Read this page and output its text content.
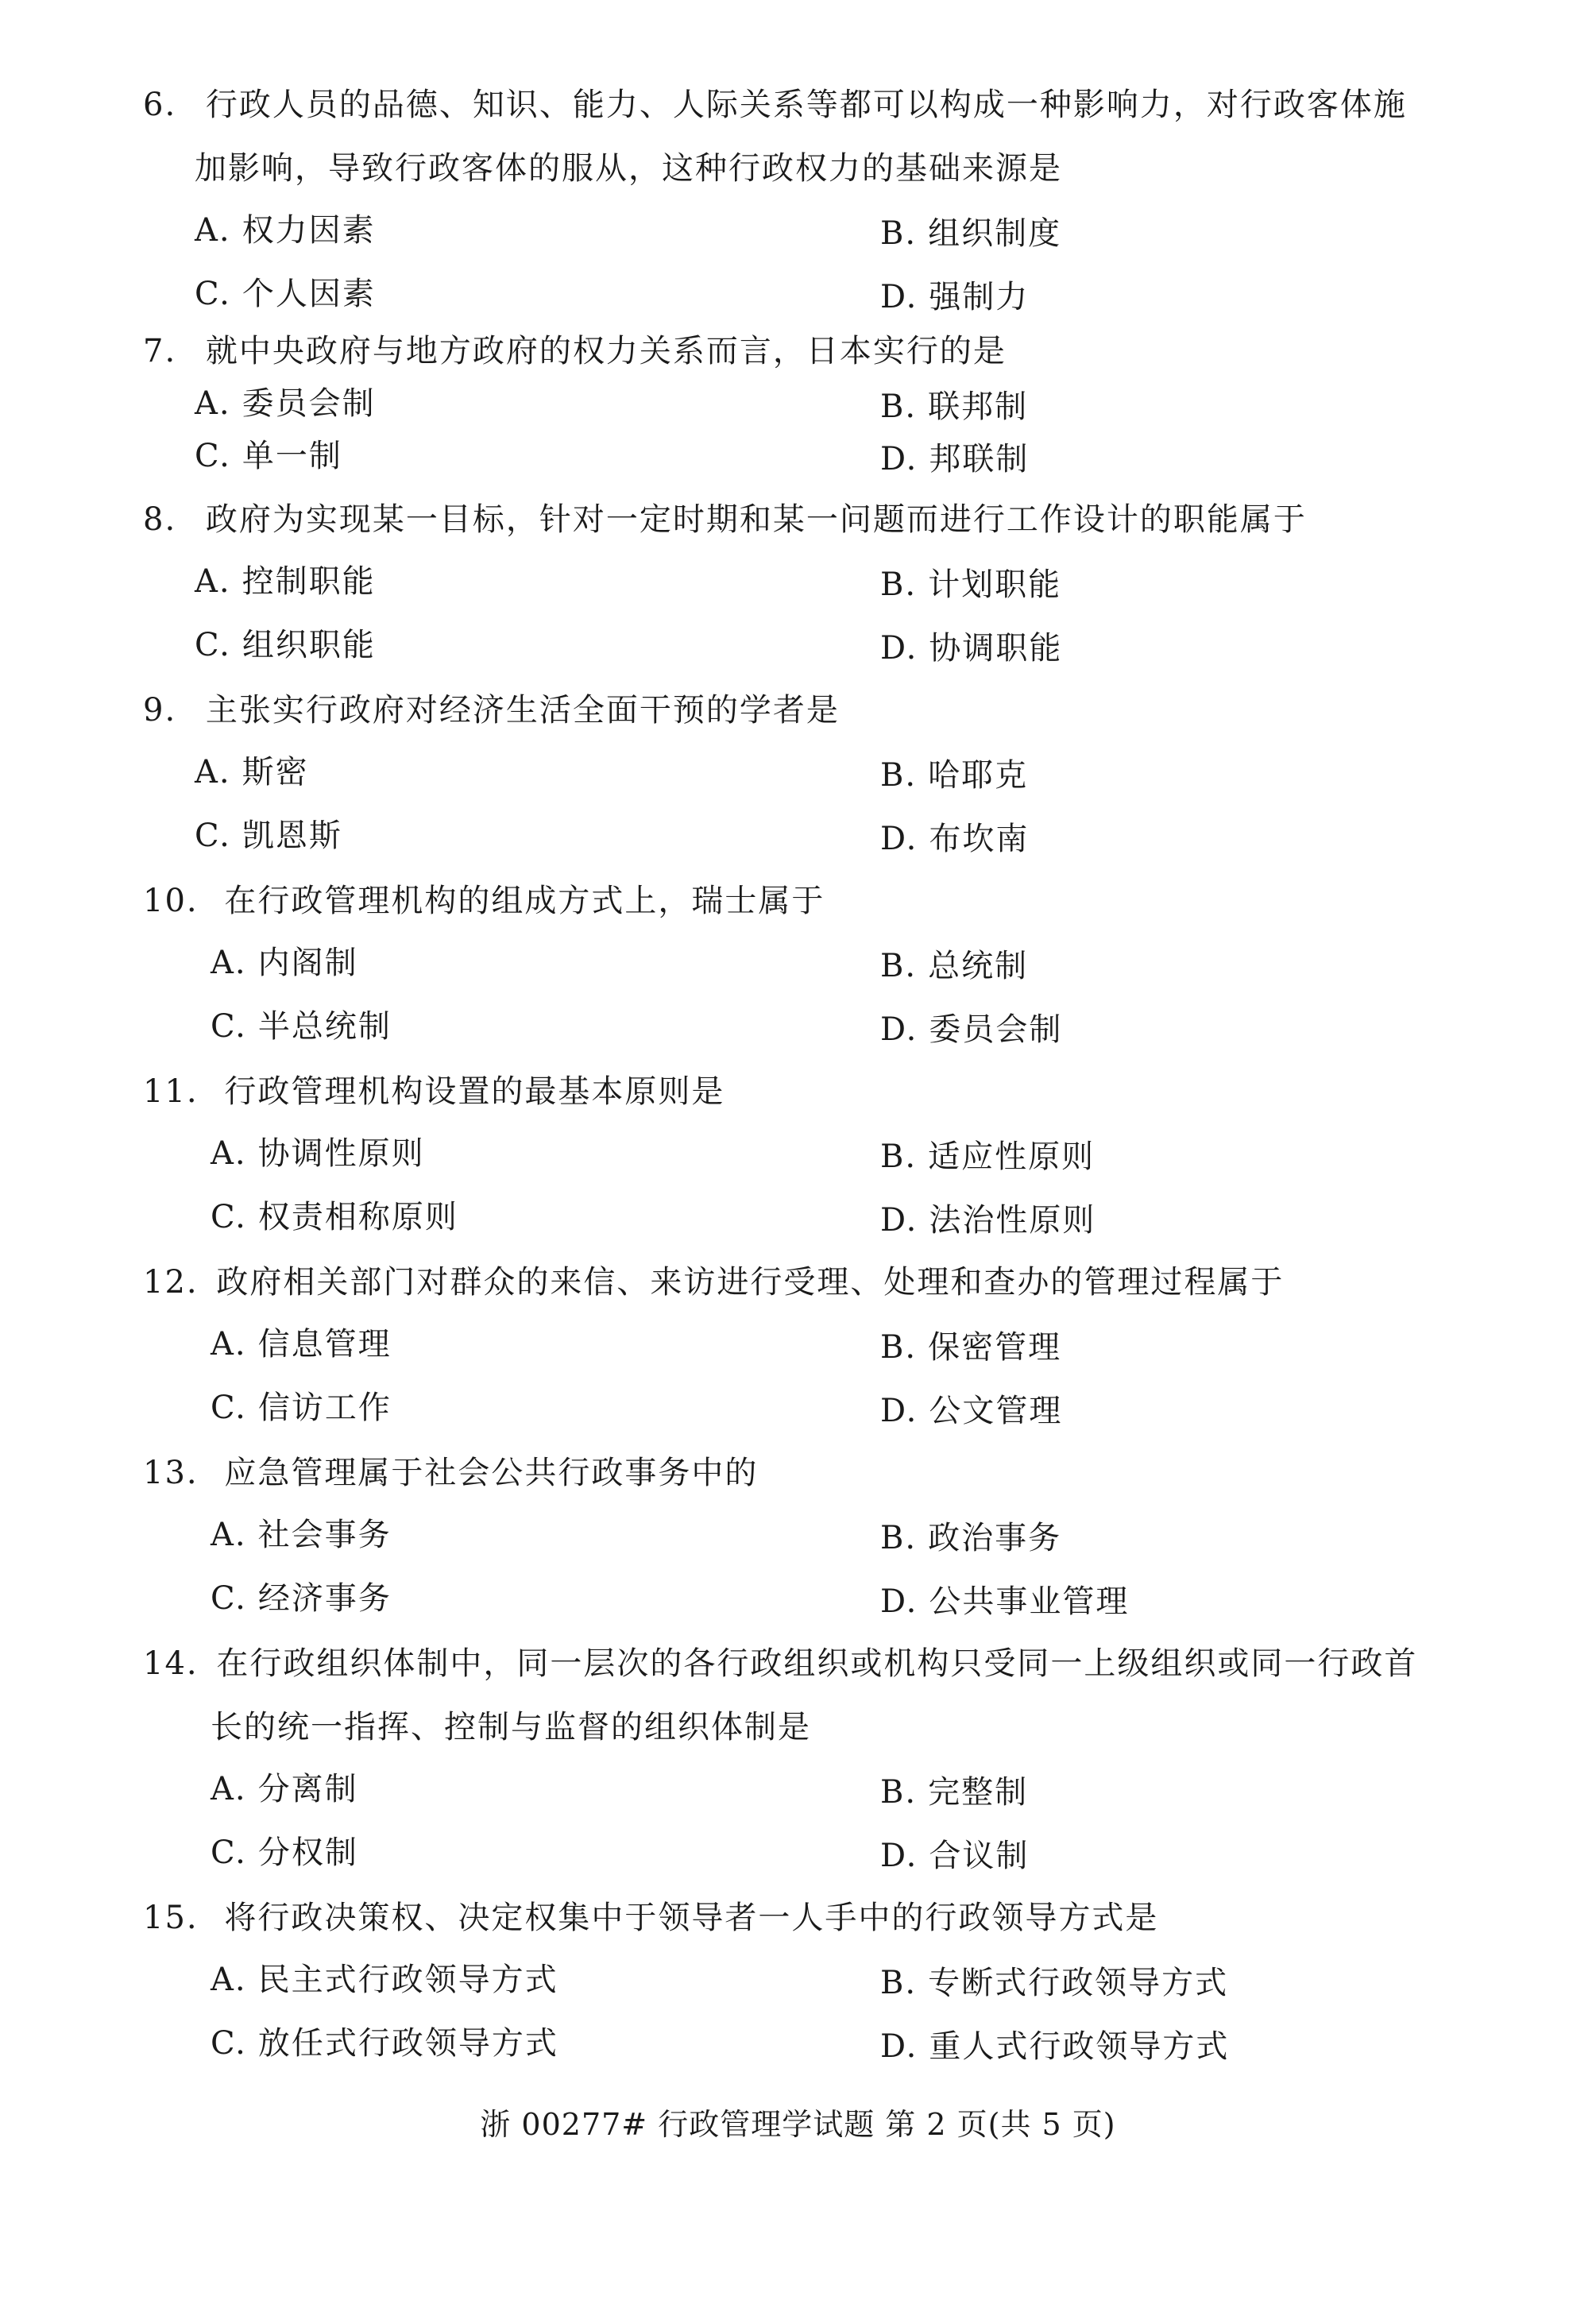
6. 行政人员的品德、知识、能力、人际关系等都可以构成一种影响力，对行政客体施
加影响，导致行政客体的服从，这种行政权力的基础来源是
A. 权力因素	B. 组织制度
C. 个人因素	D. 强制力
7. 就中央政府与地方政府的权力关系而言，日本实行的是
A. 委员会制	B. 联邦制
C. 单一制	D. 邦联制
8. 政府为实现某一目标，针对一定时期和某一问题而进行工作设计的职能属于
A. 控制职能	B. 计划职能
C. 组织职能	D. 协调职能
9. 主张实行政府对经济生活全面干预的学者是
A. 斯密	B. 哈耶克
C. 凯恩斯	D. 布坎南
10. 在行政管理机构的组成方式上，瑞士属于
A. 内阁制	B. 总统制
C. 半总统制	D. 委员会制
11. 行政管理机构设置的最基本原则是
A. 协调性原则	B. 适应性原则
C. 权责相称原则	D. 法治性原则
12. 政府相关部门对群众的来信、来访进行受理、处理和查办的管理过程属于
A. 信息管理	B. 保密管理
C. 信访工作	D. 公文管理
13. 应急管理属于社会公共行政事务中的
A. 社会事务	B. 政治事务
C. 经济事务	D. 公共事业管理
14. 在行政组织体制中，同一层次的各行政组织或机构只受同一上级组织或同一行政首
长的统一指挥、控制与监督的组织体制是
A. 分离制	B. 完整制
C. 分权制	D. 合议制
15. 将行政决策权、决定权集中于领导者一人手中的行政领导方式是
A. 民主式行政领导方式	B. 专断式行政领导方式
C. 放任式行政领导方式	D. 重人式行政领导方式
浙 00277# 行政管理学试题 第 2 页(共 5 页)
